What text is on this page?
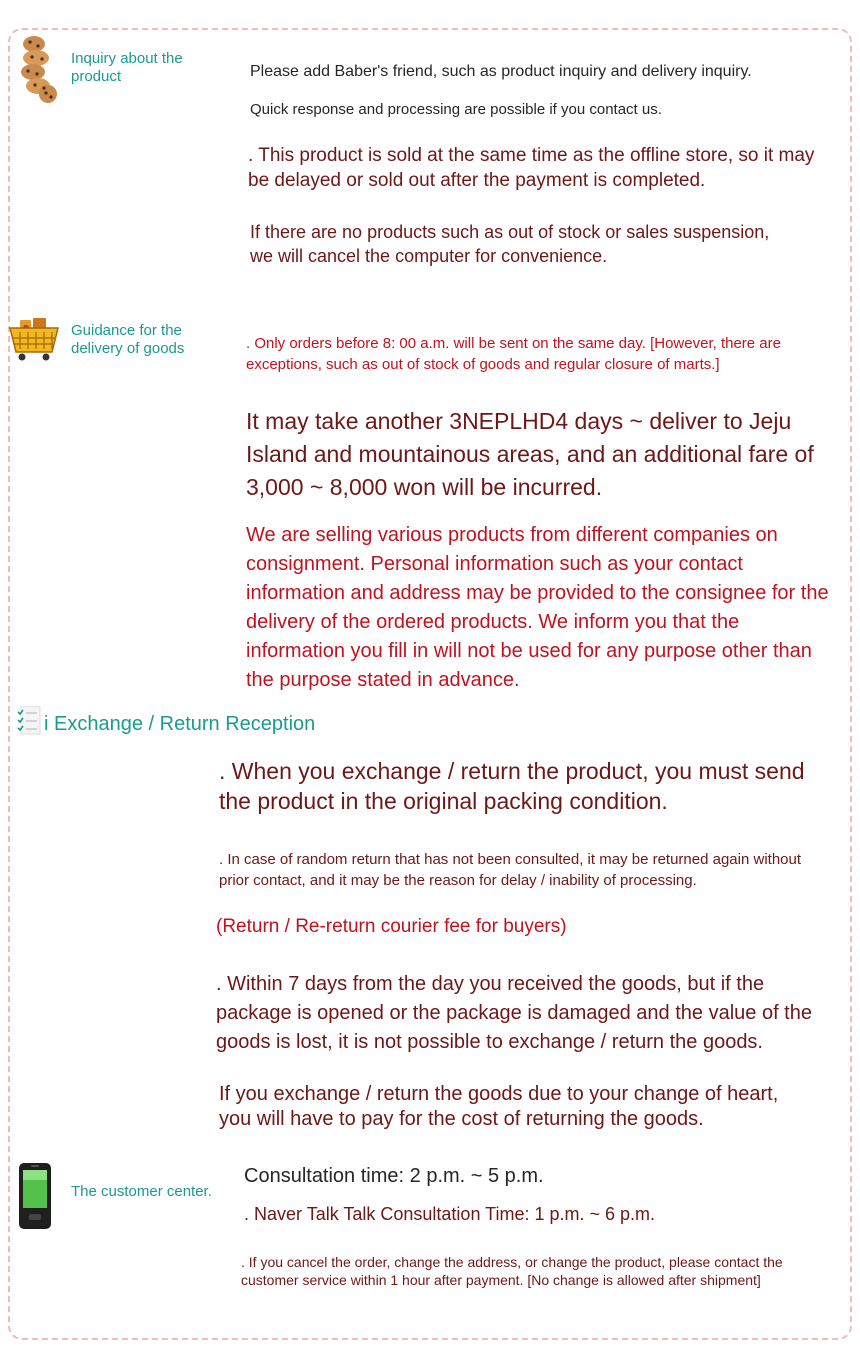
Inquiry about the product	Please add Baber's friend, such as product inquiry and delivery inquiry.

Quick response and processing are possible if you contact us.

. This product is sold at the same time as the offline store, so it may be delayed or sold out after the payment is completed.

If there are no products such as out of stock or sales suspension, we will cancel the computer for convenience.

Guidance for the delivery of goods	. Only orders before 8: 00 a.m. will be sent on the same day. [However, there are exceptions, such as out of stock of goods and regular closure of marts.]

It may take another 3NEPLHD4 days ~ deliver to Jeju Island and mountainous areas, and an additional fare of 3,000 ~ 8,000 won will be incurred.

We are selling various products from different companies on consignment. Personal information such as your contact information and address may be provided to the consignee for the delivery of the ordered products. We inform you that the information you fill in will not be used for any purpose other than the purpose stated in advance.

i Exchange / Return Reception

. When you exchange / return the product, you must send the product in the original packing condition.

. In case of random return that has not been consulted, it may be returned again without prior contact, and it may be the reason for delay / inability of processing.

(Return / Re-return courier fee for buyers)

. Within 7 days from the day you received the goods, but if the package is opened or the package is damaged and the value of the goods is lost, it is not possible to exchange / return the goods.

If you exchange / return the goods due to your change of heart, you will have to pay for the cost of returning the goods.

The customer center.

Consultation time: 2 p.m. ~ 5 p.m.

. Naver Talk Talk Consultation Time: 1 p.m. ~ 6 p.m.

. If you cancel the order, change the address, or change the product, please contact the customer service within 1 hour after payment. [No change is allowed after shipment]
